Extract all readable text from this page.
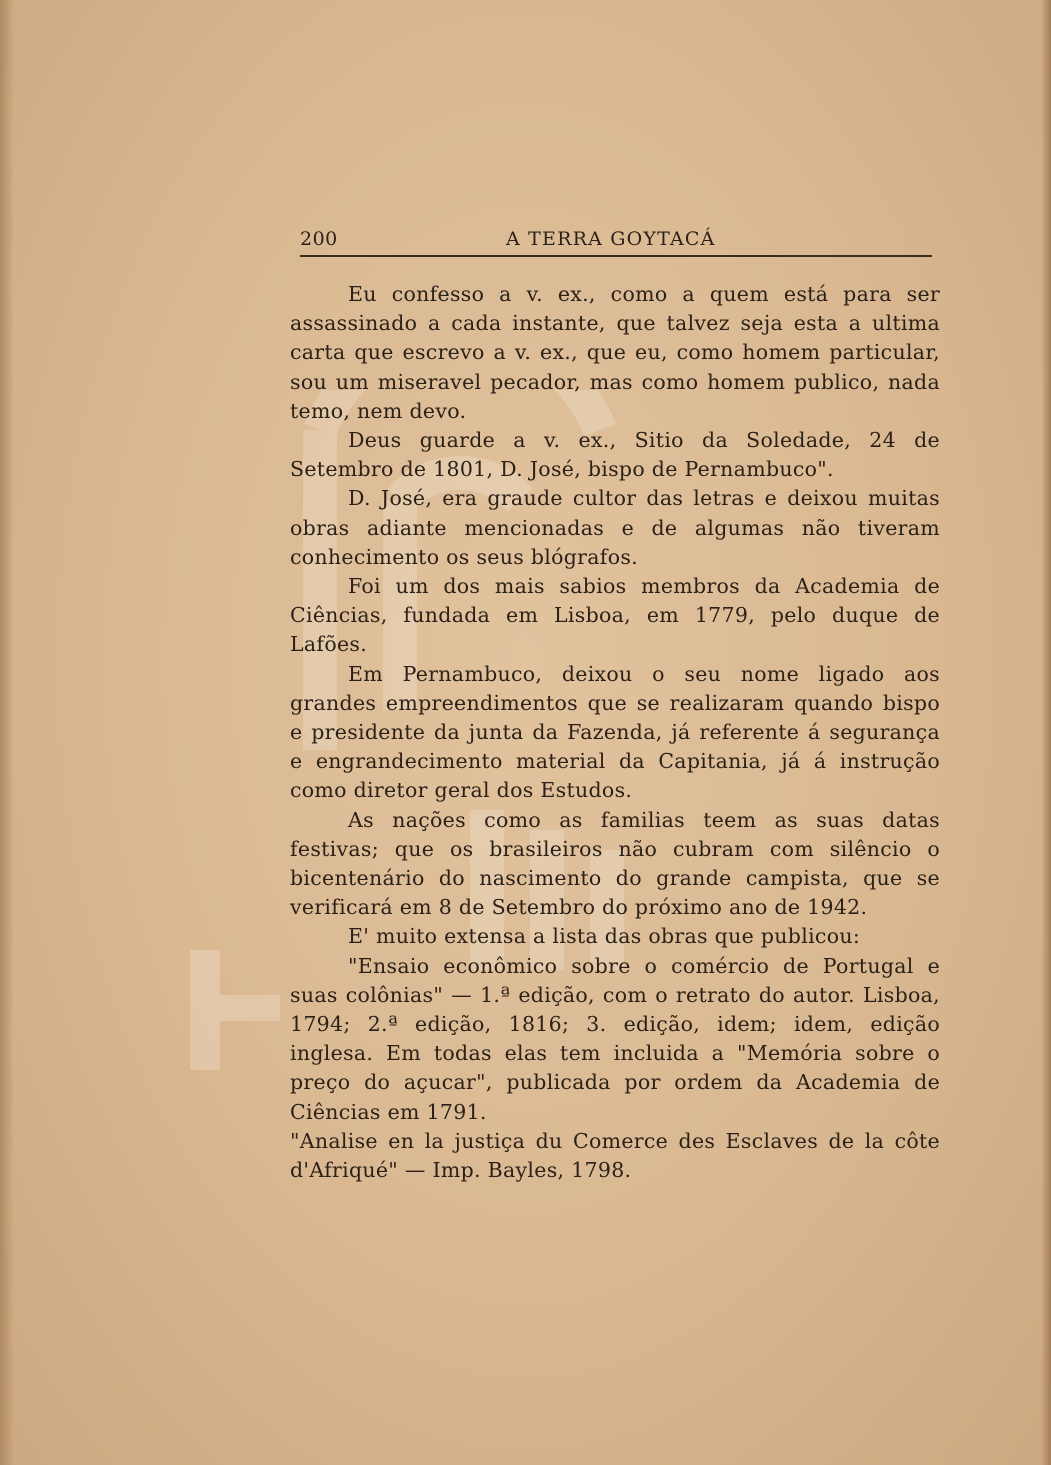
200	A TERRA GOYTACÁ

Eu confesso a v. ex., como a quem está para ser assassinado a cada instante, que talvez seja esta a ultima carta que escrevo a v. ex., que eu, como homem particular, sou um miseravel pecador, mas como homem publico, nada temo, nem devo.

Deus guarde a v. ex., Sitio da Soledade, 24 de Setembro de 1801, D. José, bispo de Pernambuco".

D. José, era graude cultor das letras e deixou muitas obras adiante mencionadas e de algumas não tiveram conhecimento os seus blógrafos.

Foi um dos mais sabios membros da Academia de Ciências, fundada em Lisboa, em 1779, pelo duque de Lafões.

Em Pernambuco, deixou o seu nome ligado aos grandes empreendimentos que se realizaram quando bispo e presidente da junta da Fazenda, já referente á segurança e engrandecimento material da Capitania, já á instrução como diretor geral dos Estudos.

As nações como as familias teem as suas datas festivas; que os brasileiros não cubram com silêncio o bicentenário do nascimento do grande campista, que se verificará em 8 de Setembro do próximo ano de 1942.

E' muito extensa a lista das obras que publicou:

"Ensaio econômico sobre o comércio de Portugal e suas colônias" — 1.ª edição, com o retrato do autor. Lisboa, 1794; 2.ª edição, 1816; 3. edição, idem; idem, edição inglesa. Em todas elas tem incluida a "Memória sobre o preço do açucar", publicada por ordem da Academia de Ciências em 1791.

"Analise en la justiça du Comerce des Esclaves de la côte d'Afriqué" — Imp. Bayles, 1798.
